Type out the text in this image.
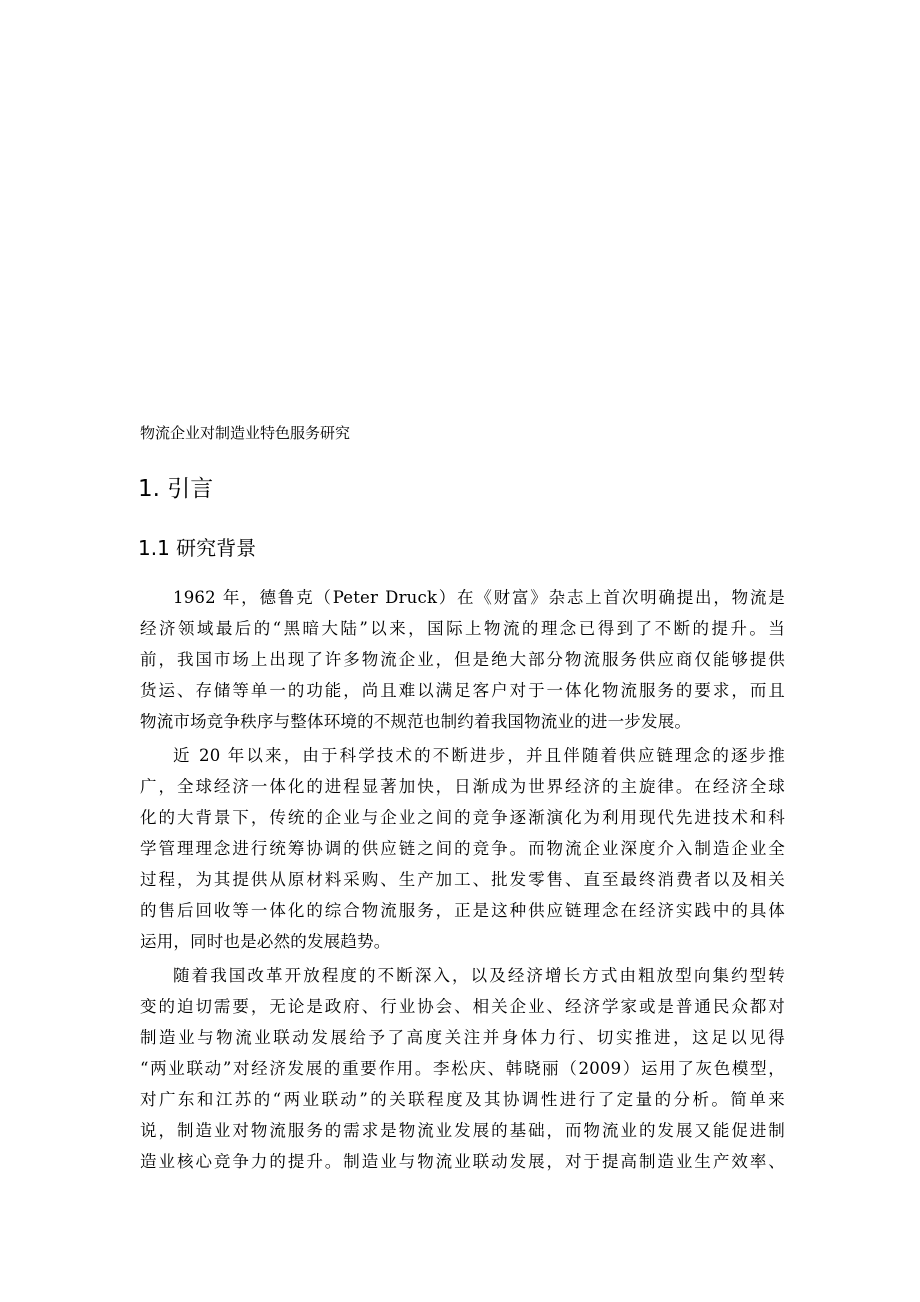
物流企业对制造业特色服务研究
1. 引言
1.1 研究背景
1962 年，德鲁克（Peter Druck）在《财富》杂志上首次明确提出，物流是
经济领域最后的“黑暗大陆”以来，国际上物流的理念已得到了不断的提升。当
前，我国市场上出现了许多物流企业，但是绝大部分物流服务供应商仅能够提供
货运、存储等单一的功能，尚且难以满足客户对于一体化物流服务的要求，而且
物流市场竞争秩序与整体环境的不规范也制约着我国物流业的进一步发展。
近 20 年以来，由于科学技术的不断进步，并且伴随着供应链理念的逐步推
广，全球经济一体化的进程显著加快，日渐成为世界经济的主旋律。在经济全球
化的大背景下，传统的企业与企业之间的竞争逐渐演化为利用现代先进技术和科
学管理理念进行统筹协调的供应链之间的竞争。而物流企业深度介入制造企业全
过程，为其提供从原材料采购、生产加工、批发零售、直至最终消费者以及相关
的售后回收等一体化的综合物流服务，正是这种供应链理念在经济实践中的具体
运用，同时也是必然的发展趋势。
随着我国改革开放程度的不断深入，以及经济增长方式由粗放型向集约型转
变的迫切需要，无论是政府、行业协会、相关企业、经济学家或是普通民众都对
制造业与物流业联动发展给予了高度关注并身体力行、切实推进，这足以见得
“两业联动”对经济发展的重要作用。李松庆、韩晓丽（2009）运用了灰色模型，
对广东和江苏的“两业联动”的关联程度及其协调性进行了定量的分析。简单来
说，制造业对物流服务的需求是物流业发展的基础，而物流业的发展又能促进制
造业核心竞争力的提升。制造业与物流业联动发展，对于提高制造业生产效率、
